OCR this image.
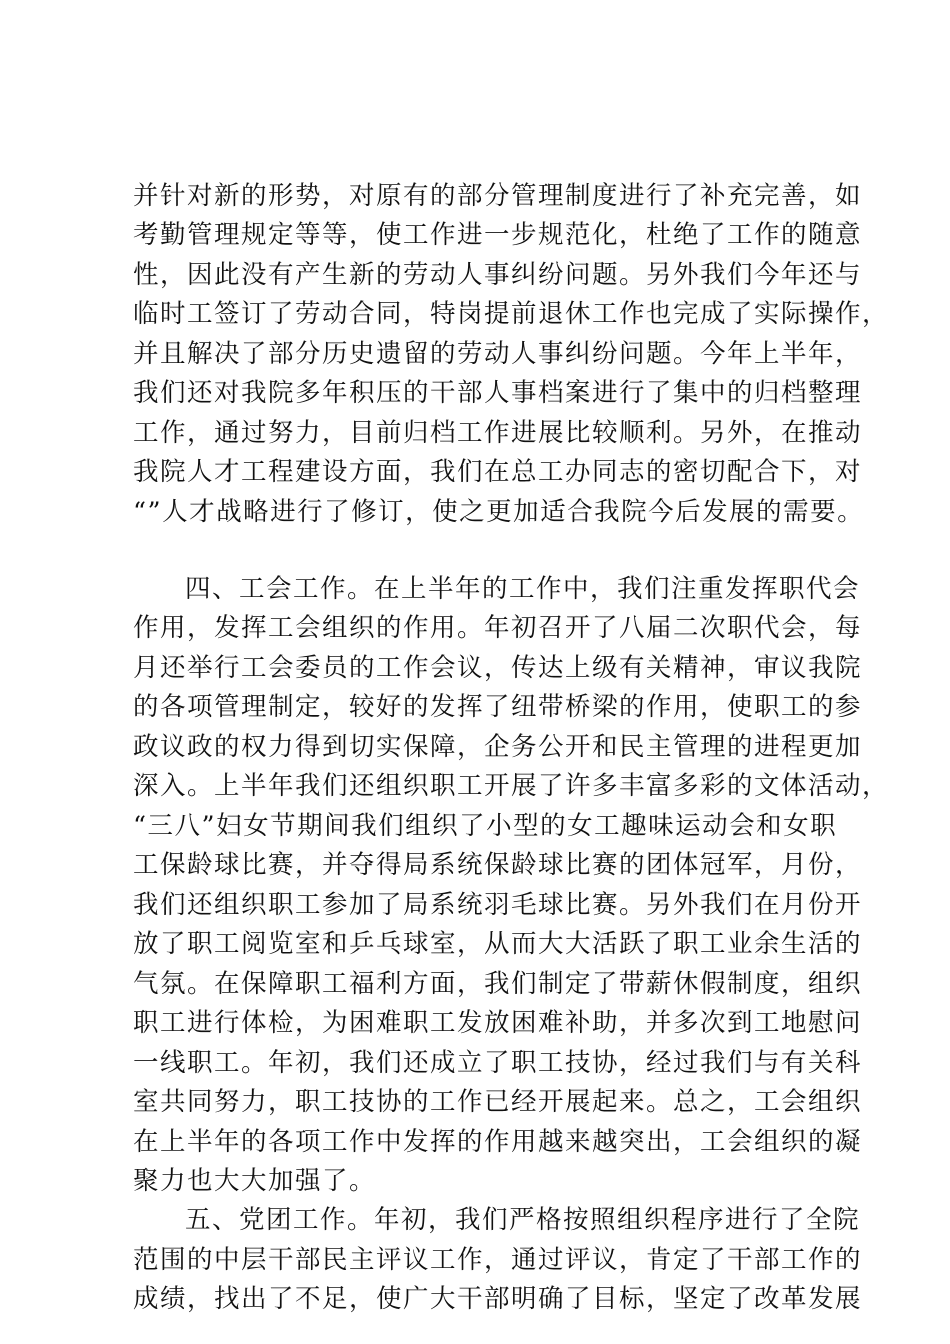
并针对新的形势，对原有的部分管理制度进行了补充完善，如
考勤管理规定等等，使工作进一步规范化，杜绝了工作的随意
性，因此没有产生新的劳动人事纠纷问题。另外我们今年还与
临时工签订了劳动合同，特岗提前退休工作也完成了实际操作，
并且解决了部分历史遗留的劳动人事纠纷问题。今年上半年，
我们还对我院多年积压的干部人事档案进行了集中的归档整理
工作，通过努力，目前归档工作进展比较顺利。另外，在推动
我院人才工程建设方面，我们在总工办同志的密切配合下，对
“”人才战略进行了修订，使之更加适合我院今后发展的需要。
四、工会工作。在上半年的工作中，我们注重发挥职代会
作用，发挥工会组织的作用。年初召开了八届二次职代会，每
月还举行工会委员的工作会议，传达上级有关精神，审议我院
的各项管理制定，较好的发挥了纽带桥梁的作用，使职工的参
政议政的权力得到切实保障，企务公开和民主管理的进程更加
深入。上半年我们还组织职工开展了许多丰富多彩的文体活动，
“三八”妇女节期间我们组织了小型的女工趣味运动会和女职
工保龄球比赛，并夺得局系统保龄球比赛的团体冠军，月份，
我们还组织职工参加了局系统羽毛球比赛。另外我们在月份开
放了职工阅览室和乒乓球室，从而大大活跃了职工业余生活的
气氛。在保障职工福利方面，我们制定了带薪休假制度，组织
职工进行体检，为困难职工发放困难补助，并多次到工地慰问
一线职工。年初，我们还成立了职工技协，经过我们与有关科
室共同努力，职工技协的工作已经开展起来。总之，工会组织
在上半年的各项工作中发挥的作用越来越突出，工会组织的凝
聚力也大大加强了。
五、党团工作。年初，我们严格按照组织程序进行了全院
范围的中层干部民主评议工作，通过评议，肯定了干部工作的
成绩，找出了不足，使广大干部明确了目标，坚定了改革发展
